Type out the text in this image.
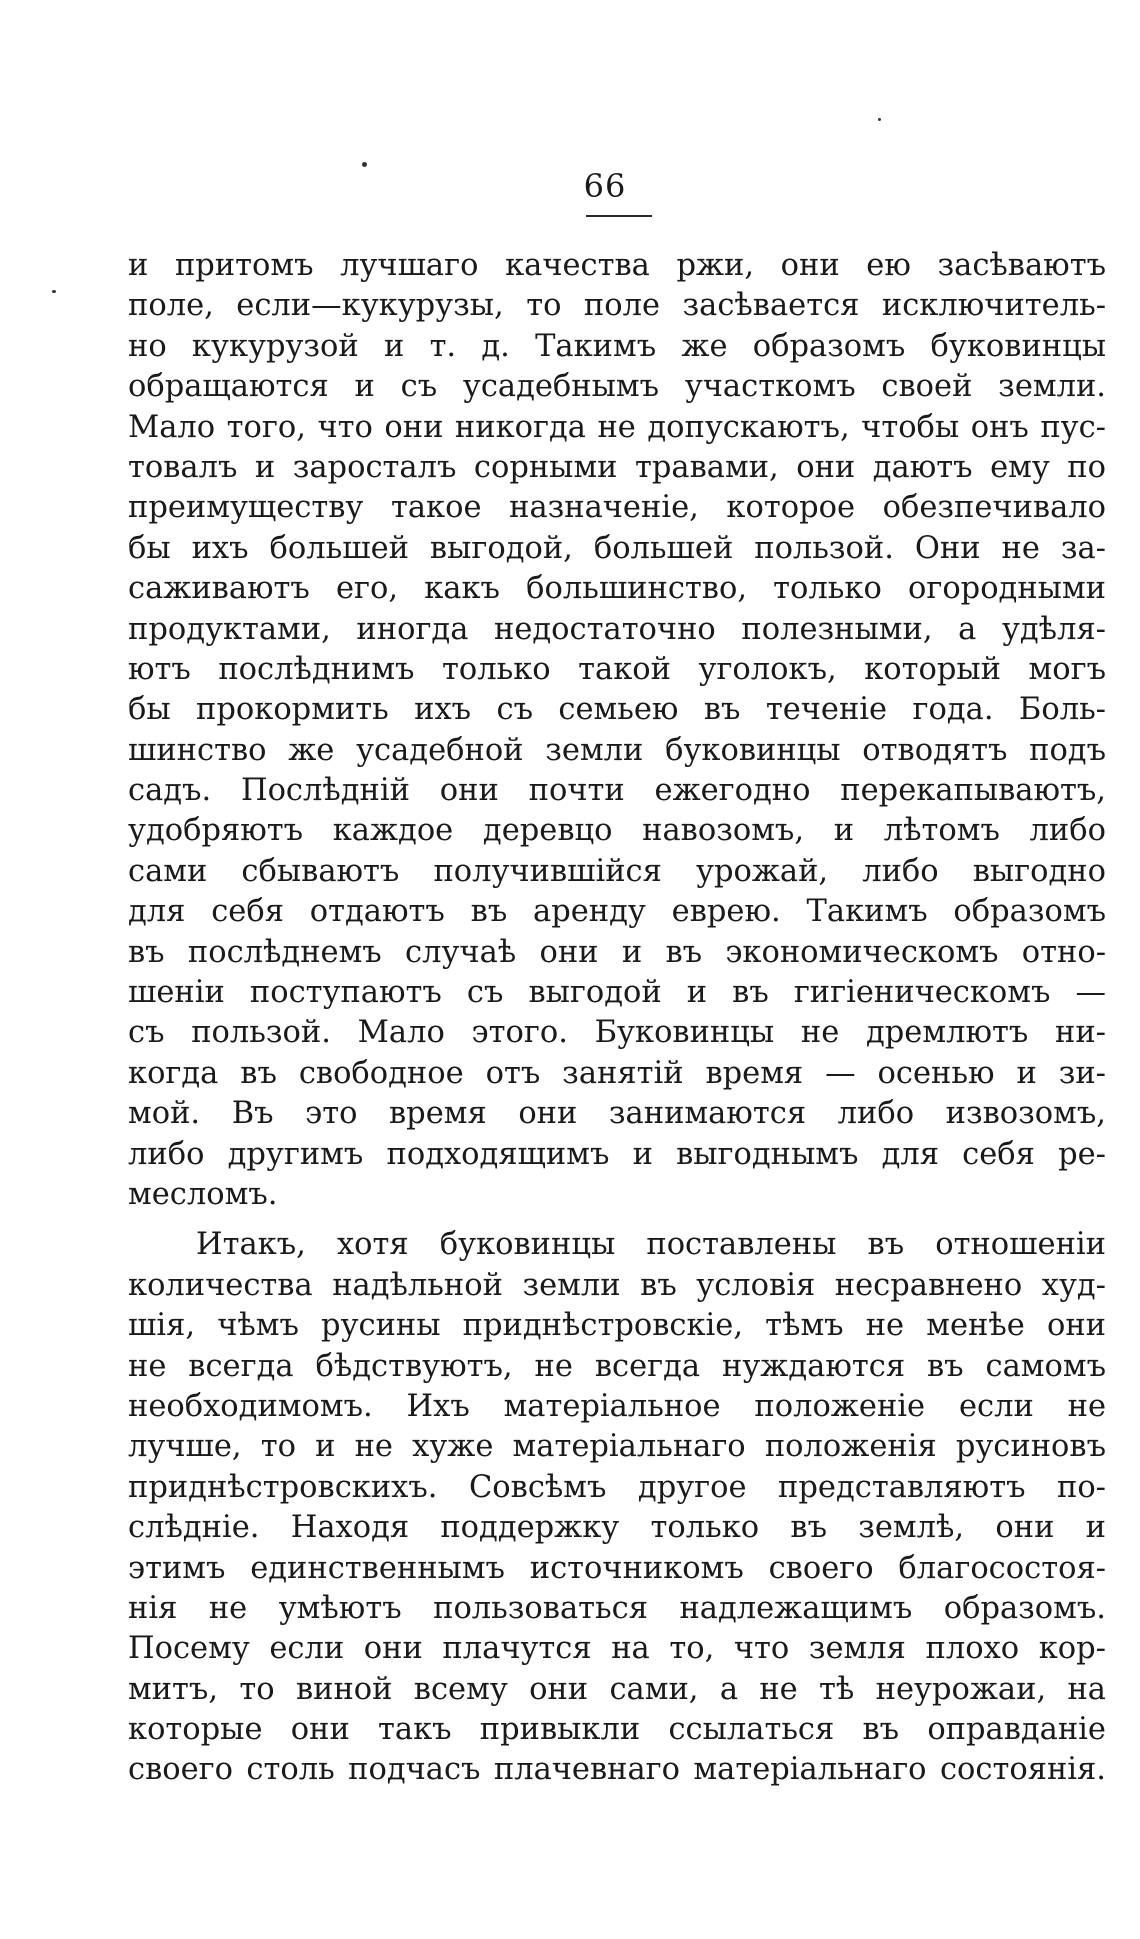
66
и притомъ лучшаго качества ржи, они ею засѣваютъ
поле, если—кукурузы, то поле засѣвается исключитель-
но кукурузой и т. д. Такимъ же образомъ буковинцы
обращаются и съ усадебнымъ участкомъ своей земли.
Мало того, что они никогда не допускаютъ, чтобы онъ пус-
товалъ и заросталъ сорными травами, они даютъ ему по
преимуществу такое назначеніе, которое обезпечивало
бы ихъ большей выгодой, большей пользой. Они не за-
саживаютъ его, какъ большинство, только огородными
продуктами, иногда недостаточно полезными, а удѣля-
ютъ послѣднимъ только такой уголокъ, который могъ
бы прокормить ихъ съ семьею въ теченіе года. Боль-
шинство же усадебной земли буковинцы отводятъ подъ
садъ. Послѣдній они почти ежегодно перекапываютъ,
удобряютъ каждое деревцо навозомъ, и лѣтомъ либо
сами сбываютъ получившійся урожай, либо выгодно
для себя отдаютъ въ аренду еврею. Такимъ образомъ
въ послѣднемъ случаѣ они и въ экономическомъ отно-
шеніи поступаютъ съ выгодой и въ гигіеническомъ —
съ пользой. Мало этого. Буковинцы не дремлютъ ни-
когда въ свободное отъ занятій время — осенью и зи-
мой. Въ это время они занимаются либо извозомъ,
либо другимъ подходящимъ и выгоднымъ для себя ре-
месломъ.
Итакъ, хотя буковинцы поставлены въ отношеніи
количества надѣльной земли въ условія несравнено худ-
шія, чѣмъ русины приднѣстровскіе, тѣмъ не менѣе они
не всегда бѣдствуютъ, не всегда нуждаются въ самомъ
необходимомъ. Ихъ матеріальное положеніе если не
лучше, то и не хуже матеріальнаго положенія русиновъ
приднѣстровскихъ. Совсѣмъ другое представляютъ по-
слѣдніе. Находя поддержку только въ землѣ, они и
этимъ единственнымъ источникомъ своего благосостоя-
нія не умѣютъ пользоваться надлежащимъ образомъ.
Посему если они плачутся на то, что земля плохо кор-
митъ, то виной всему они сами, а не тѣ неурожаи, на
которые они такъ привыкли ссылаться въ оправданіе
своего столь подчасъ плачевнаго матеріальнаго состоянія.
